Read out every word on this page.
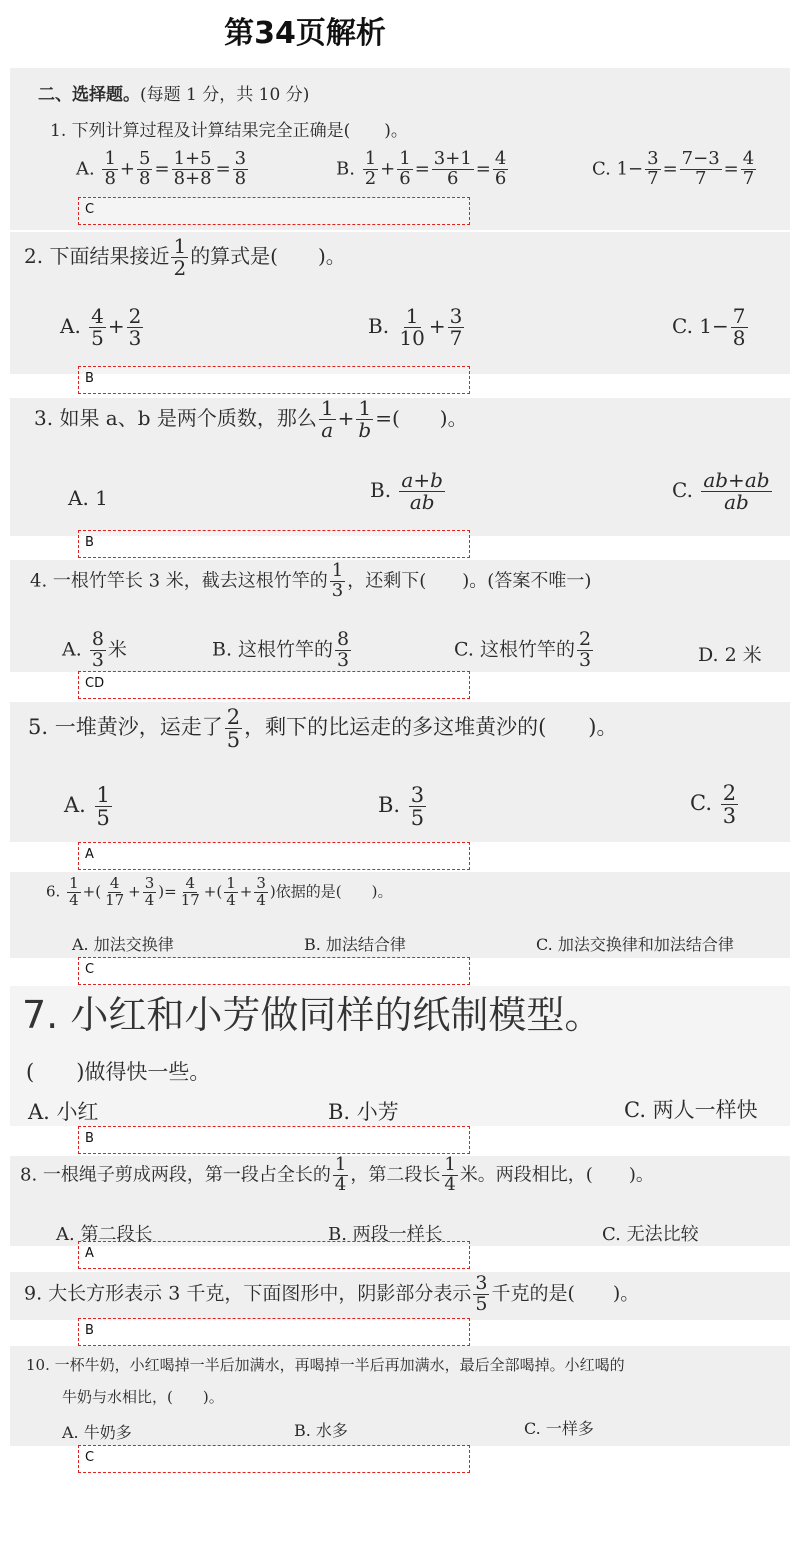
第34页解析
二、选择题。(每题 1 分，共 10 分)
1. 下列计算过程及计算结果完全正确是(　　)。
A. $\frac{1}{8} + \frac{5}{8} = \frac{1+5}{8+8} = \frac{3}{8}$	B. $\frac{1}{2} + \frac{1}{6} = \frac{3+1}{6} = \frac{4}{6}$	C. $1- \frac{3}{7} = \frac{7-3}{7} = \frac{4}{7}$
C
2. 下面结果接近 $\frac{1}{2}$ 的算式是(　　)。
A. $\frac{4}{5} + \frac{2}{3}$	B. $\frac{1}{10} + \frac{3}{7}$	C. $1- \frac{7}{8}$
B
3. 如果 a、b 是两个质数，那么 $\frac{1}{a} + \frac{1}{b}$ =(　　)。
A. 1	B. $\frac{a+b}{ab}$	C. $\frac{ab+ab}{ab}$
B
4. 一根竹竿长 3 米，截去这根竹竿的 $\frac{1}{3}$ ，还剩下(　　)。(答案不唯一)
A. $\frac{8}{3}$ 米	B. 这根竹竿的 $\frac{8}{3}$	C. 这根竹竿的 $\frac{2}{3}$	D. 2 米
CD
5. 一堆黄沙，运走了 $\frac{2}{5}$ ，剩下的比运走的多这堆黄沙的(　　)。
A. $\frac{1}{5}$	B. $\frac{3}{5}$	C. $\frac{2}{3}$
A
6. $\frac{1}{4}$ +( $\frac{4}{17} + \frac{3}{4}$ )= $\frac{4}{17}$ +( $\frac{1}{4} + \frac{3}{4}$ )依据的是(　　)。
A. 加法交换律	B. 加法结合律	C. 加法交换律和加法结合律
C
7. 小红和小芳做同样的纸制模型。
(　　)做得快一些。
A. 小红	B. 小芳	C. 两人一样快
B
8. 一根绳子剪成两段，第一段占全长的 $\frac{1}{4}$ ，第二段长 $\frac{1}{4}$ 米。两段相比，(　　)。
A. 第二段长	B. 两段一样长	C. 无法比较
A
9. 大长方形表示 3 千克，下面图形中，阴影部分表示 $\frac{3}{5}$ 千克的是(　　)。
B
10. 一杯牛奶，小红喝掉一半后加满水，再喝掉一半后再加满水，最后全部喝掉。小红喝的
牛奶与水相比，(　　)。
A. 牛奶多	B. 水多	C. 一样多
C
